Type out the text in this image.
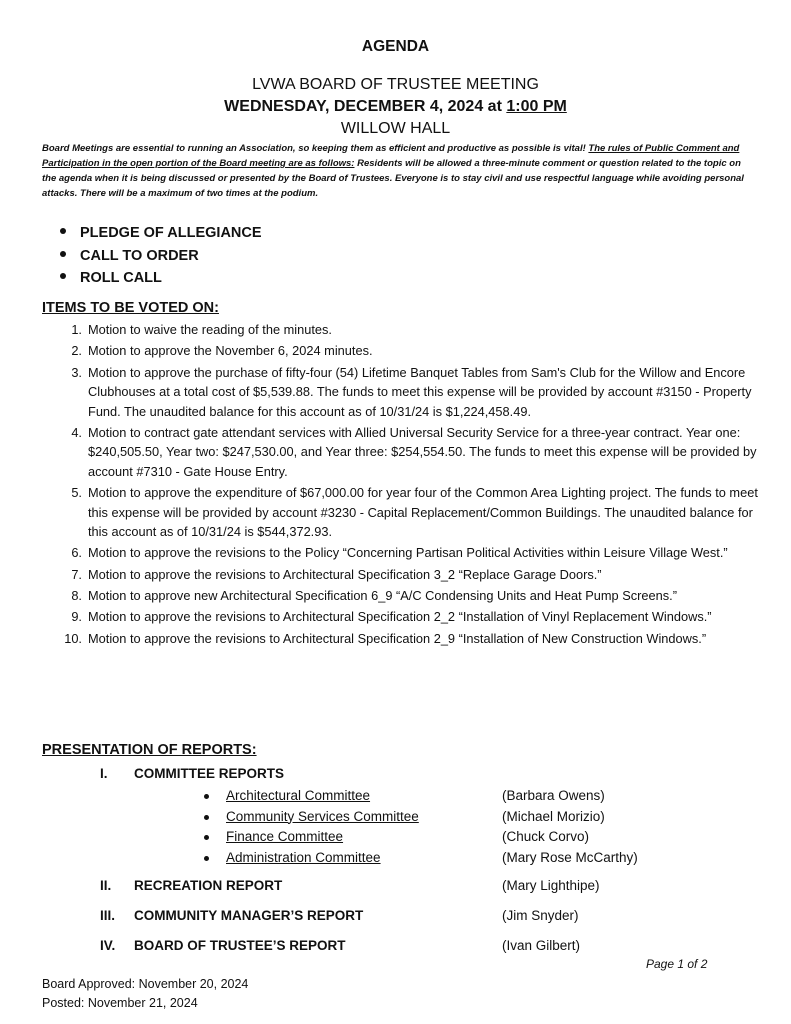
AGENDA
LVWA BOARD OF TRUSTEE MEETING
WEDNESDAY, DECEMBER 4, 2024 at 1:00 PM
WILLOW HALL
Board Meetings are essential to running an Association, so keeping them as efficient and productive as possible is vital! The rules of Public Comment and Participation in the open portion of the Board meeting are as follows: Residents will be allowed a three-minute comment or question related to the topic on the agenda when it is being discussed or presented by the Board of Trustees. Everyone is to stay civil and use respectful language while avoiding personal attacks. There will be a maximum of two times at the podium.
PLEDGE OF ALLEGIANCE
CALL TO ORDER
ROLL CALL
ITEMS TO BE VOTED ON:
1. Motion to waive the reading of the minutes.
2. Motion to approve the November 6, 2024 minutes.
3. Motion to approve the purchase of fifty-four (54) Lifetime Banquet Tables from Sam's Club for the Willow and Encore Clubhouses at a total cost of $5,539.88. The funds to meet this expense will be provided by account #3150 - Property Fund. The unaudited balance for this account as of 10/31/24 is $1,224,458.49.
4. Motion to contract gate attendant services with Allied Universal Security Service for a three-year contract. Year one: $240,505.50, Year two: $247,530.00, and Year three: $254,554.50. The funds to meet this expense will be provided by account #7310 - Gate House Entry.
5. Motion to approve the expenditure of $67,000.00 for year four of the Common Area Lighting project. The funds to meet this expense will be provided by account #3230 - Capital Replacement/Common Buildings. The unaudited balance for this account as of 10/31/24 is $544,372.93.
6. Motion to approve the revisions to the Policy “Concerning Partisan Political Activities within Leisure Village West.”
7. Motion to approve the revisions to Architectural Specification 3_2 “Replace Garage Doors.”
8. Motion to approve new Architectural Specification 6_9 “A/C Condensing Units and Heat Pump Screens.”
9. Motion to approve the revisions to Architectural Specification 2_2 “Installation of Vinyl Replacement Windows.”
10. Motion to approve the revisions to Architectural Specification 2_9 “Installation of New Construction Windows.”
PRESENTATION OF REPORTS:
I.	COMMITTEE REPORTS
Architectural Committee	(Barbara Owens)
Community Services Committee	(Michael Morizio)
Finance Committee	(Chuck Corvo)
Administration Committee	(Mary Rose McCarthy)
II.	RECREATION REPORT	(Mary Lighthipe)
III.	COMMUNITY MANAGER’S REPORT	(Jim Snyder)
IV.	BOARD OF TRUSTEE’S REPORT	(Ivan Gilbert)
Page 1 of 2
Board Approved: November 20, 2024
Posted: November 21, 2024
